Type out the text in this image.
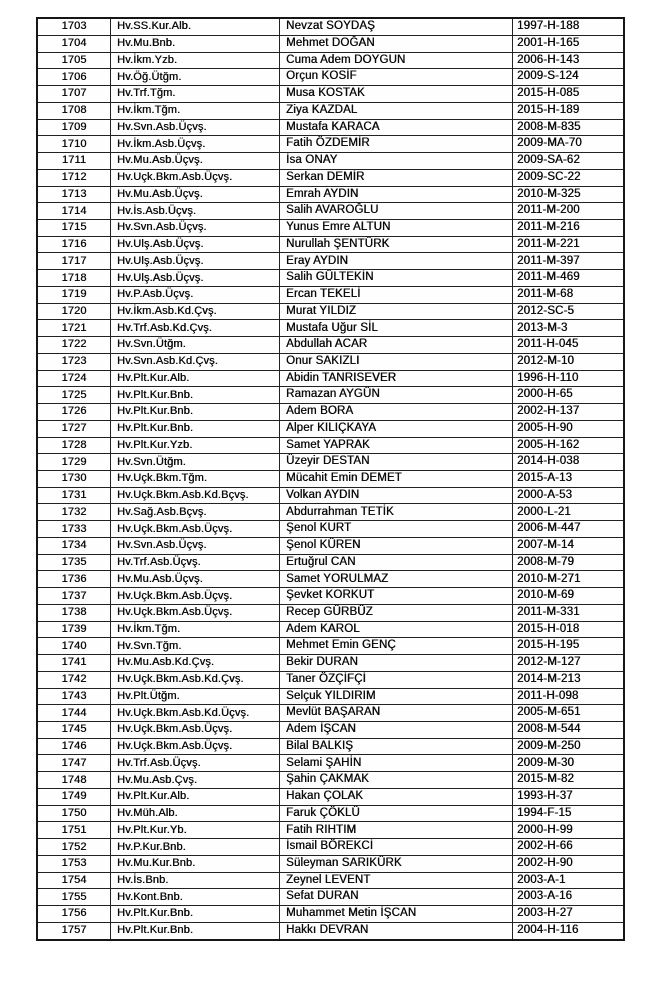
1703	Hv.SS.Kur.Alb.	Nevzat SOYDAŞ	1997-H-188
1704	Hv.Mu.Bnb.	Mehmet DOĞAN	2001-H-165
1705	Hv.İkm.Yzb.	Cuma Adem DOYGUN	2006-H-143
1706	Hv.Öğ.Ütğm.	Orçun KOSİF	2009-S-124
1707	Hv.Trf.Tğm.	Musa KOSTAK	2015-H-085
1708	Hv.İkm.Tğm.	Ziya KAZDAL	2015-H-189
1709	Hv.Svn.Asb.Üçvş.	Mustafa KARACA	2008-M-835
1710	Hv.İkm.Asb.Üçvş.	Fatih ÖZDEMİR	2009-MA-70
1711	Hv.Mu.Asb.Üçvş.	İsa ONAY	2009-SA-62
1712	Hv.Uçk.Bkm.Asb.Üçvş.	Serkan DEMİR	2009-SC-22
1713	Hv.Mu.Asb.Üçvş.	Emrah AYDIN	2010-M-325
1714	Hv.İs.Asb.Üçvş.	Salih AVAROĞLU	2011-M-200
1715	Hv.Svn.Asb.Üçvş.	Yunus Emre ALTUN	2011-M-216
1716	Hv.Ulş.Asb.Üçvş.	Nurullah ŞENTÜRK	2011-M-221
1717	Hv.Ulş.Asb.Üçvş.	Eray AYDIN	2011-M-397
1718	Hv.Ulş.Asb.Üçvş.	Salih GÜLTEKİN	2011-M-469
1719	Hv.P.Asb.Üçvş.	Ercan TEKELİ	2011-M-68
1720	Hv.İkm.Asb.Kd.Çvş.	Murat YILDIZ	2012-SC-5
1721	Hv.Trf.Asb.Kd.Çvş.	Mustafa Uğur SİL	2013-M-3
1722	Hv.Svn.Ütğm.	Abdullah ACAR	2011-H-045
1723	Hv.Svn.Asb.Kd.Çvş.	Onur SAKIZLI	2012-M-10
1724	Hv.Plt.Kur.Alb.	Abidin TANRISEVER	1996-H-110
1725	Hv.Plt.Kur.Bnb.	Ramazan AYGÜN	2000-H-65
1726	Hv.Plt.Kur.Bnb.	Adem BORA	2002-H-137
1727	Hv.Plt.Kur.Bnb.	Alper KILIÇKAYA	2005-H-90
1728	Hv.Plt.Kur.Yzb.	Samet YAPRAK	2005-H-162
1729	Hv.Svn.Ütğm.	Üzeyir DESTAN	2014-H-038
1730	Hv.Uçk.Bkm.Tğm.	Mücahit Emin DEMET	2015-A-13
1731	Hv.Uçk.Bkm.Asb.Kd.Bçvş.	Volkan AYDIN	2000-A-53
1732	Hv.Sağ.Asb.Bçvş.	Abdurrahman TETİK	2000-L-21
1733	Hv.Uçk.Bkm.Asb.Üçvş.	Şenol KURT	2006-M-447
1734	Hv.Svn.Asb.Üçvş.	Şenol KÜREN	2007-M-14
1735	Hv.Trf.Asb.Üçvş.	Ertuğrul CAN	2008-M-79
1736	Hv.Mu.Asb.Üçvş.	Samet YORULMAZ	2010-M-271
1737	Hv.Uçk.Bkm.Asb.Üçvş.	Şevket KORKUT	2010-M-69
1738	Hv.Uçk.Bkm.Asb.Üçvş.	Recep GÜRBÜZ	2011-M-331
1739	Hv.İkm.Tğm.	Adem KAROL	2015-H-018
1740	Hv.Svn.Tğm.	Mehmet Emin GENÇ	2015-H-195
1741	Hv.Mu.Asb.Kd.Çvş.	Bekir DURAN	2012-M-127
1742	Hv.Uçk.Bkm.Asb.Kd.Çvş.	Taner ÖZÇİFÇİ	2014-M-213
1743	Hv.Plt.Ütğm.	Selçuk YILDIRIM	2011-H-098
1744	Hv.Uçk.Bkm.Asb.Kd.Üçvş.	Mevlüt BAŞARAN	2005-M-651
1745	Hv.Uçk.Bkm.Asb.Üçvş.	Adem İŞCAN	2008-M-544
1746	Hv.Uçk.Bkm.Asb.Üçvş.	Bilal BALKIŞ	2009-M-250
1747	Hv.Trf.Asb.Üçvş.	Selami ŞAHİN	2009-M-30
1748	Hv.Mu.Asb.Çvş.	Şahin ÇAKMAK	2015-M-82
1749	Hv.Plt.Kur.Alb.	Hakan ÇOLAK	1993-H-37
1750	Hv.Müh.Alb.	Faruk ÇÖKLÜ	1994-F-15
1751	Hv.Plt.Kur.Yb.	Fatih RIHTIM	2000-H-99
1752	Hv.P.Kur.Bnb.	İsmail BÖREKCİ	2002-H-66
1753	Hv.Mu.Kur.Bnb.	Süleyman SARIKÜRK	2002-H-90
1754	Hv.İs.Bnb.	Zeynel LEVENT	2003-A-1
1755	Hv.Kont.Bnb.	Sefat DURAN	2003-A-16
1756	Hv.Plt.Kur.Bnb.	Muhammet Metin İŞCAN	2003-H-27
1757	Hv.Plt.Kur.Bnb.	Hakkı DEVRAN	2004-H-116
